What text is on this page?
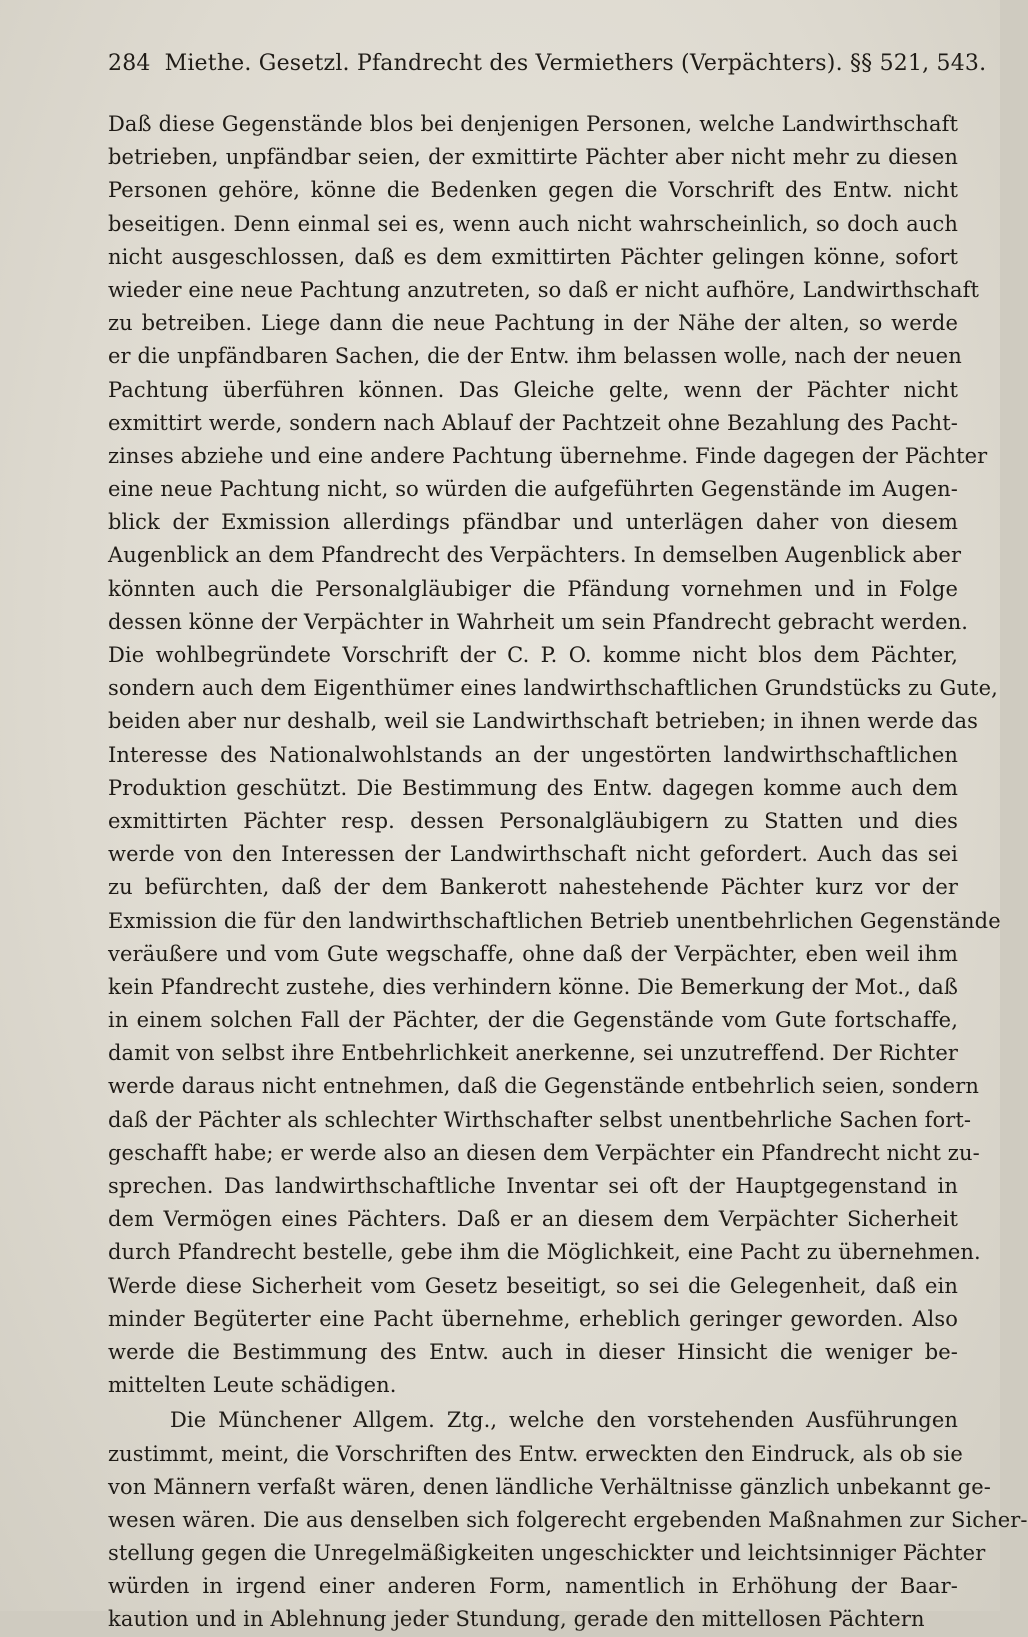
284 Miethe. Gesetzl. Pfandrecht des Vermiethers (Verpächters). §§ 521, 543.
Daß diese Gegenstände blos bei denjenigen Personen, welche Landwirthschaft
betrieben, unpfändbar seien, der exmittirte Pächter aber nicht mehr zu diesen
Personen gehöre, könne die Bedenken gegen die Vorschrift des Entw. nicht
beseitigen. Denn einmal sei es, wenn auch nicht wahrscheinlich, so doch auch
nicht ausgeschlossen, daß es dem exmittirten Pächter gelingen könne, sofort
wieder eine neue Pachtung anzutreten, so daß er nicht aufhöre, Landwirthschaft
zu betreiben. Liege dann die neue Pachtung in der Nähe der alten, so werde
er die unpfändbaren Sachen, die der Entw. ihm belassen wolle, nach der neuen
Pachtung überführen können. Das Gleiche gelte, wenn der Pächter nicht
exmittirt werde, sondern nach Ablauf der Pachtzeit ohne Bezahlung des Pacht-
zinses abziehe und eine andere Pachtung übernehme. Finde dagegen der Pächter
eine neue Pachtung nicht, so würden die aufgeführten Gegenstände im Augen-
blick der Exmission allerdings pfändbar und unterlägen daher von diesem
Augenblick an dem Pfandrecht des Verpächters. In demselben Augenblick aber
könnten auch die Personalgläubiger die Pfändung vornehmen und in Folge
dessen könne der Verpächter in Wahrheit um sein Pfandrecht gebracht werden.
Die wohlbegründete Vorschrift der C. P. O. komme nicht blos dem Pächter,
sondern auch dem Eigenthümer eines landwirthschaftlichen Grundstücks zu Gute,
beiden aber nur deshalb, weil sie Landwirthschaft betrieben; in ihnen werde das
Interesse des Nationalwohlstands an der ungestörten landwirthschaftlichen
Produktion geschützt. Die Bestimmung des Entw. dagegen komme auch dem
exmittirten Pächter resp. dessen Personalgläubigern zu Statten und dies
werde von den Interessen der Landwirthschaft nicht gefordert. Auch das sei
zu befürchten, daß der dem Bankerott nahestehende Pächter kurz vor der
Exmission die für den landwirthschaftlichen Betrieb unentbehrlichen Gegenstände
veräußere und vom Gute wegschaffe, ohne daß der Verpächter, eben weil ihm
kein Pfandrecht zustehe, dies verhindern könne. Die Bemerkung der Mot., daß
in einem solchen Fall der Pächter, der die Gegenstände vom Gute fortschaffe,
damit von selbst ihre Entbehrlichkeit anerkenne, sei unzutreffend. Der Richter
werde daraus nicht entnehmen, daß die Gegenstände entbehrlich seien, sondern
daß der Pächter als schlechter Wirthschafter selbst unentbehrliche Sachen fort-
geschafft habe; er werde also an diesen dem Verpächter ein Pfandrecht nicht zu-
sprechen. Das landwirthschaftliche Inventar sei oft der Hauptgegenstand in
dem Vermögen eines Pächters. Daß er an diesem dem Verpächter Sicherheit
durch Pfandrecht bestelle, gebe ihm die Möglichkeit, eine Pacht zu übernehmen.
Werde diese Sicherheit vom Gesetz beseitigt, so sei die Gelegenheit, daß ein
minder Begüterter eine Pacht übernehme, erheblich geringer geworden. Also
werde die Bestimmung des Entw. auch in dieser Hinsicht die weniger be-
mittelten Leute schädigen.
Die Münchener Allgem. Ztg., welche den vorstehenden Ausführungen
zustimmt, meint, die Vorschriften des Entw. erweckten den Eindruck, als ob sie
von Männern verfaßt wären, denen ländliche Verhältnisse gänzlich unbekannt ge-
wesen wären. Die aus denselben sich folgerecht ergebenden Maßnahmen zur Sicher-
stellung gegen die Unregelmäßigkeiten ungeschickter und leichtsinniger Pächter
würden in irgend einer anderen Form, namentlich in Erhöhung der Baar-
kaution und in Ablehnung jeder Stundung, gerade den mittellosen Pächtern
